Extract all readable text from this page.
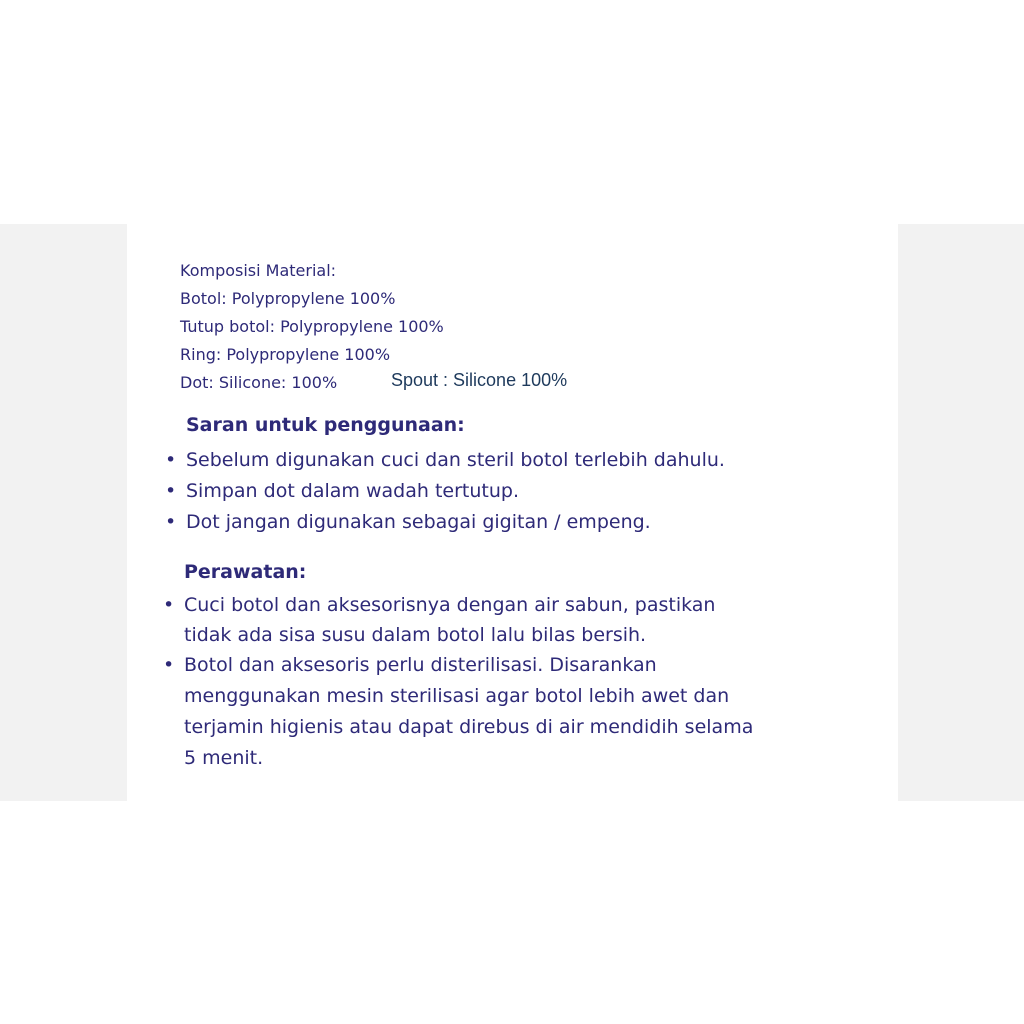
Komposisi Material:
Botol: Polypropylene 100%
Tutup botol: Polypropylene 100%
Ring: Polypropylene 100%
Dot: Silicone: 100%	Spout : Silicone 100%
Saran untuk penggunaan:
• Sebelum digunakan cuci dan steril botol terlebih dahulu.
• Simpan dot dalam wadah tertutup.
• Dot jangan digunakan sebagai gigitan / empeng.
Perawatan:
• Cuci botol dan aksesorisnya dengan air sabun, pastikan
tidak ada sisa susu dalam botol lalu bilas bersih.
• Botol dan aksesoris perlu disterilisasi. Disarankan
menggunakan mesin sterilisasi agar botol lebih awet dan
terjamin higienis atau dapat direbus di air mendidih selama
5 menit.
